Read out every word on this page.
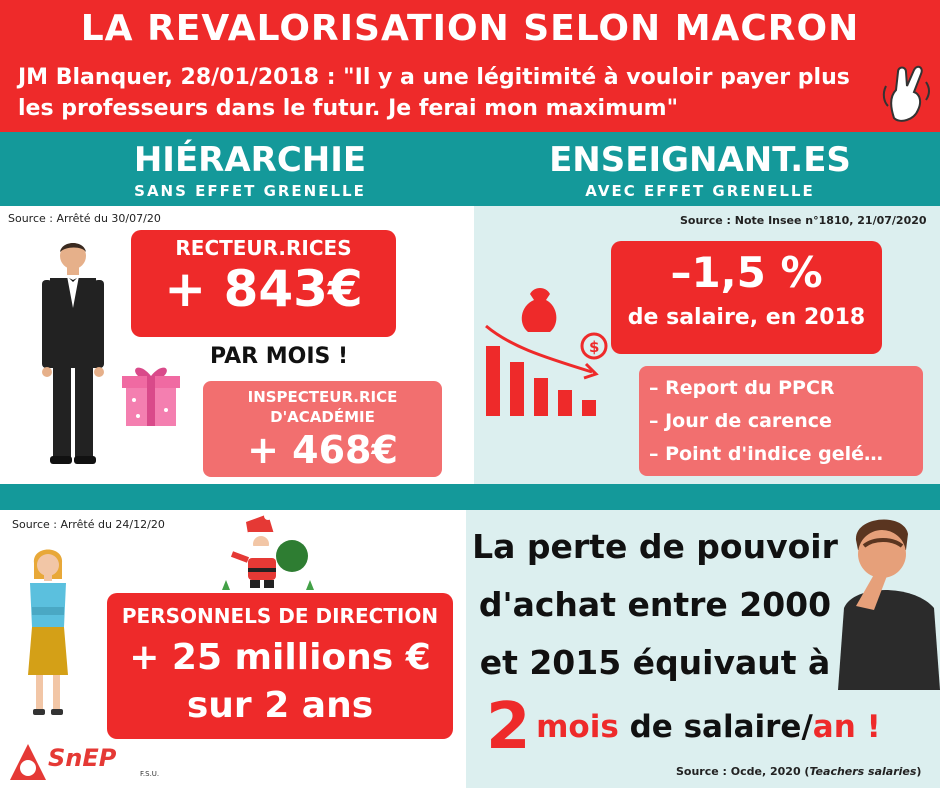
LA REVALORISATION SELON MACRON
JM Blanquer, 28/01/2018 : "Il y a une légitimité à vouloir payer plus les professeurs dans le futur. Je ferai mon maximum"
HIÉRARCHIE
SANS EFFET GRENELLE
ENSEIGNANT.ES
AVEC EFFET GRENELLE
Source : Arrêté du 30/07/20
RECTEUR.RICES
+ 843€
PAR MOIS !
INSPECTEUR.RICE D'ACADÉMIE
+ 468€
Source : Note Insee n°1810, 21/07/2020
$
–1,5 %
de salaire, en 2018
– Report du PPCR
– Jour de carence
– Point d'indice gelé…
Source : Arrêté du 24/12/20
PERSONNELS DE DIRECTION
+ 25 millions €
sur 2 ans
SnEP
F.S.U.
La perte de pouvoir
d'achat entre 2000
et 2015 équivaut à
2 mois de salaire/an !
Source : Ocde, 2020 (Teachers salaries)
